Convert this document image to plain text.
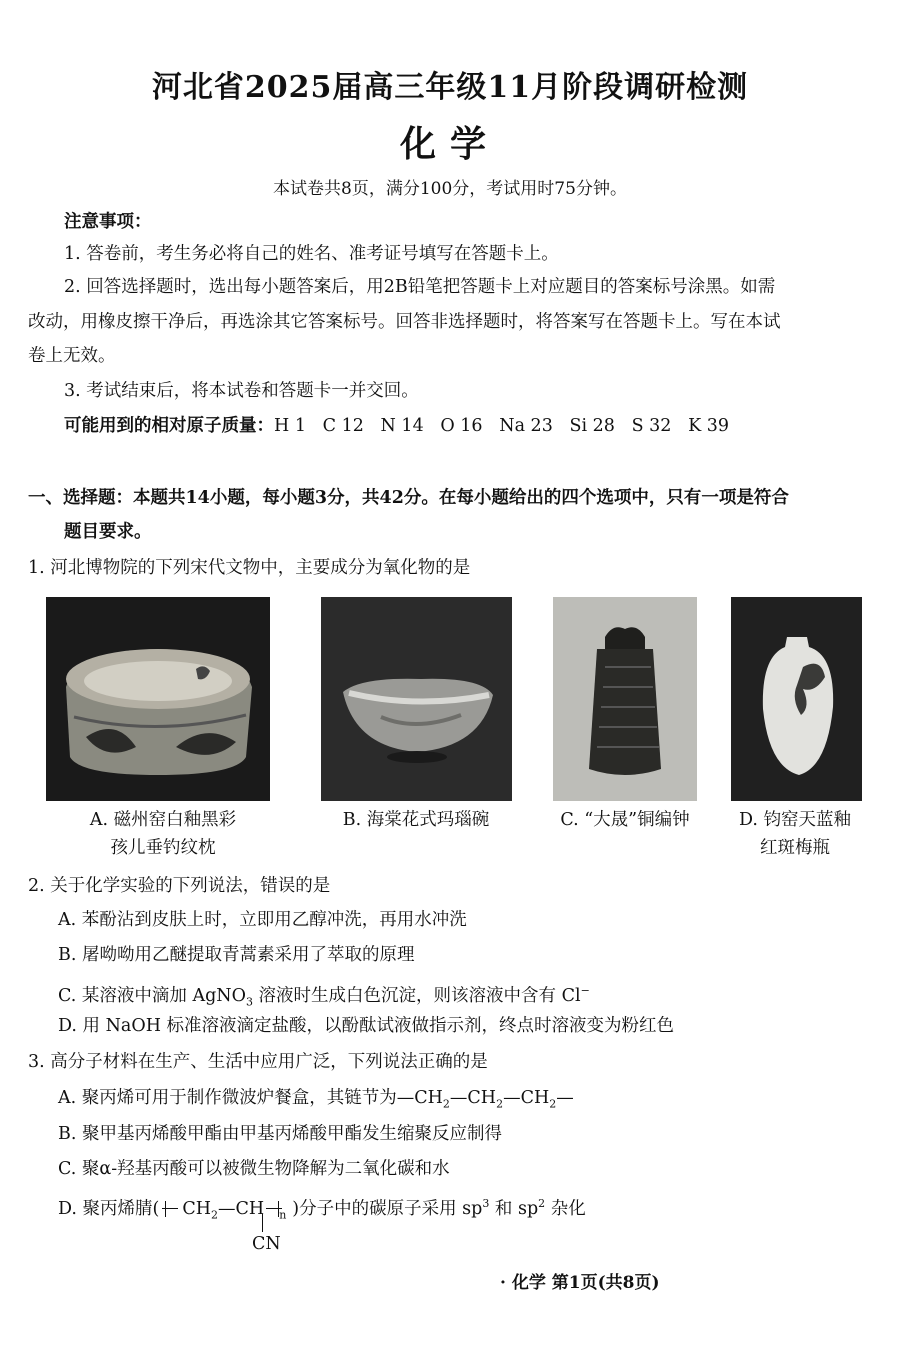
河北省2025届高三年级11月阶段调研检测
化学
本试卷共8页，满分100分，考试用时75分钟。
注意事项：
1. 答卷前，考生务必将自己的姓名、准考证号填写在答题卡上。
2. 回答选择题时，选出每小题答案后，用2B铅笔把答题卡上对应题目的答案标号涂黑。如需
改动，用橡皮擦干净后，再选涂其它答案标号。回答非选择题时，将答案写在答题卡上。写在本试
卷上无效。
3. 考试结束后，将本试卷和答题卡一并交回。
可能用到的相对原子质量：H 1   C 12   N 14   O 16   Na 23   Si 28   S 32   K 39
一、选择题：本题共14小题，每小题3分，共42分。在每小题给出的四个选项中，只有一项是符合
题目要求。
1. 河北博物院的下列宋代文物中，主要成分为氧化物的是
A. 磁州窑白釉黑彩
孩儿垂钓纹枕
B. 海棠花式玛瑙碗	C. “大晟”铜编钟	D. 钧窑天蓝釉
红斑梅瓶
2. 关于化学实验的下列说法，错误的是
A. 苯酚沾到皮肤上时，立即用乙醇冲洗，再用水冲洗
B. 屠呦呦用乙醚提取青蒿素采用了萃取的原理
C. 某溶液中滴加 AgNO$_3$ 溶液时生成白色沉淀，则该溶液中含有 Cl−
D. 用 NaOH 标准溶液滴定盐酸，以酚酞试液做指示剂，终点时溶液变为粉红色
3. 高分子材料在生产、生活中应用广泛，下列说法正确的是
A. 聚丙烯可用于制作微波炉餐盒，其链节为$—CH_2—CH_2—CH_2—$
B. 聚甲基丙烯酸甲酯由甲基丙烯酸甲酯发生缩聚反应制得
C. 聚α-羟基丙酸可以被微生物降解为二氧化碳和水
D. 聚丙烯腈( $CH_2—CH$ $_n$ )分子中的碳原子采用 $sp^3$ 和 $sp^2$ 杂化
CN
· 化学 第1页(共8页)
